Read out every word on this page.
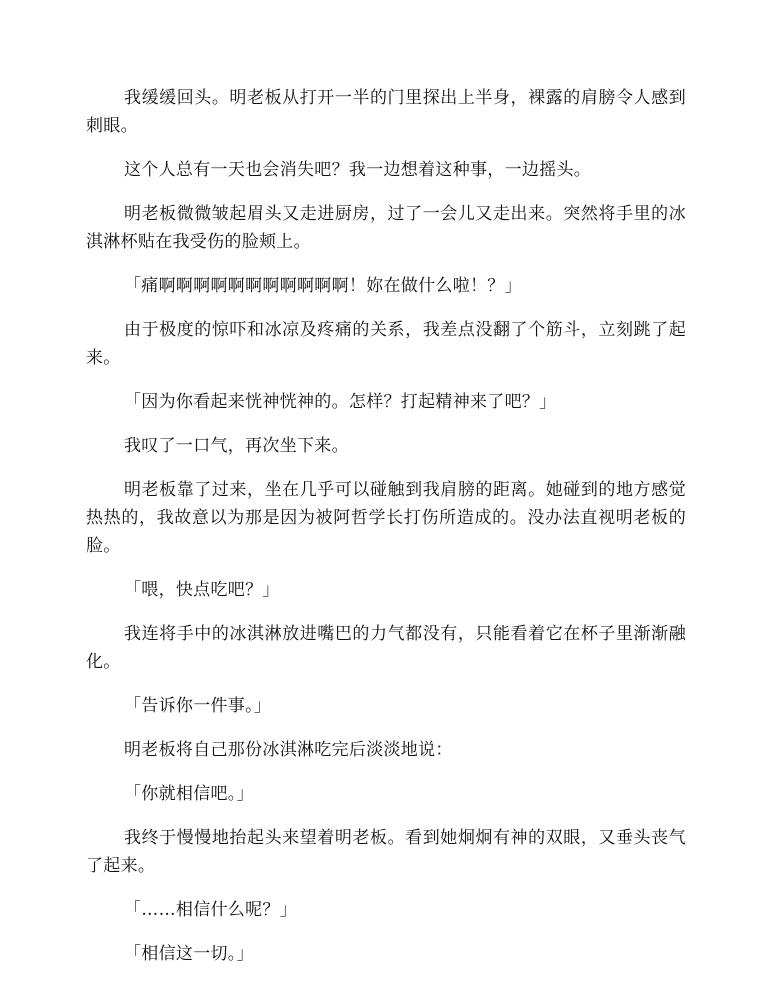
我缓缓回头。明老板从打开一半的门里探出上半身，裸露的肩膀令人感到刺眼。

这个人总有一天也会消失吧？我一边想着这种事，一边摇头。

明老板微微皱起眉头又走进厨房，过了一会儿又走出来。突然将手里的冰淇淋杯贴在我受伤的脸颊上。

「痛啊啊啊啊啊啊啊啊啊啊啊！妳在做什么啦！？」

由于极度的惊吓和冰凉及疼痛的关系，我差点没翻了个筋斗，立刻跳了起来。

「因为你看起来恍神恍神的。怎样？打起精神来了吧？」

我叹了一口气，再次坐下来。

明老板靠了过来，坐在几乎可以碰触到我肩膀的距离。她碰到的地方感觉热热的，我故意以为那是因为被阿哲学长打伤所造成的。没办法直视明老板的脸。

「喂，快点吃吧？」

我连将手中的冰淇淋放进嘴巴的力气都没有，只能看着它在杯子里渐渐融化。

「告诉你一件事。」

明老板将自己那份冰淇淋吃完后淡淡地说：

「你就相信吧。」

我终于慢慢地抬起头来望着明老板。看到她炯炯有神的双眼，又垂头丧气了起来。

「……相信什么呢？」

「相信这一切。」
